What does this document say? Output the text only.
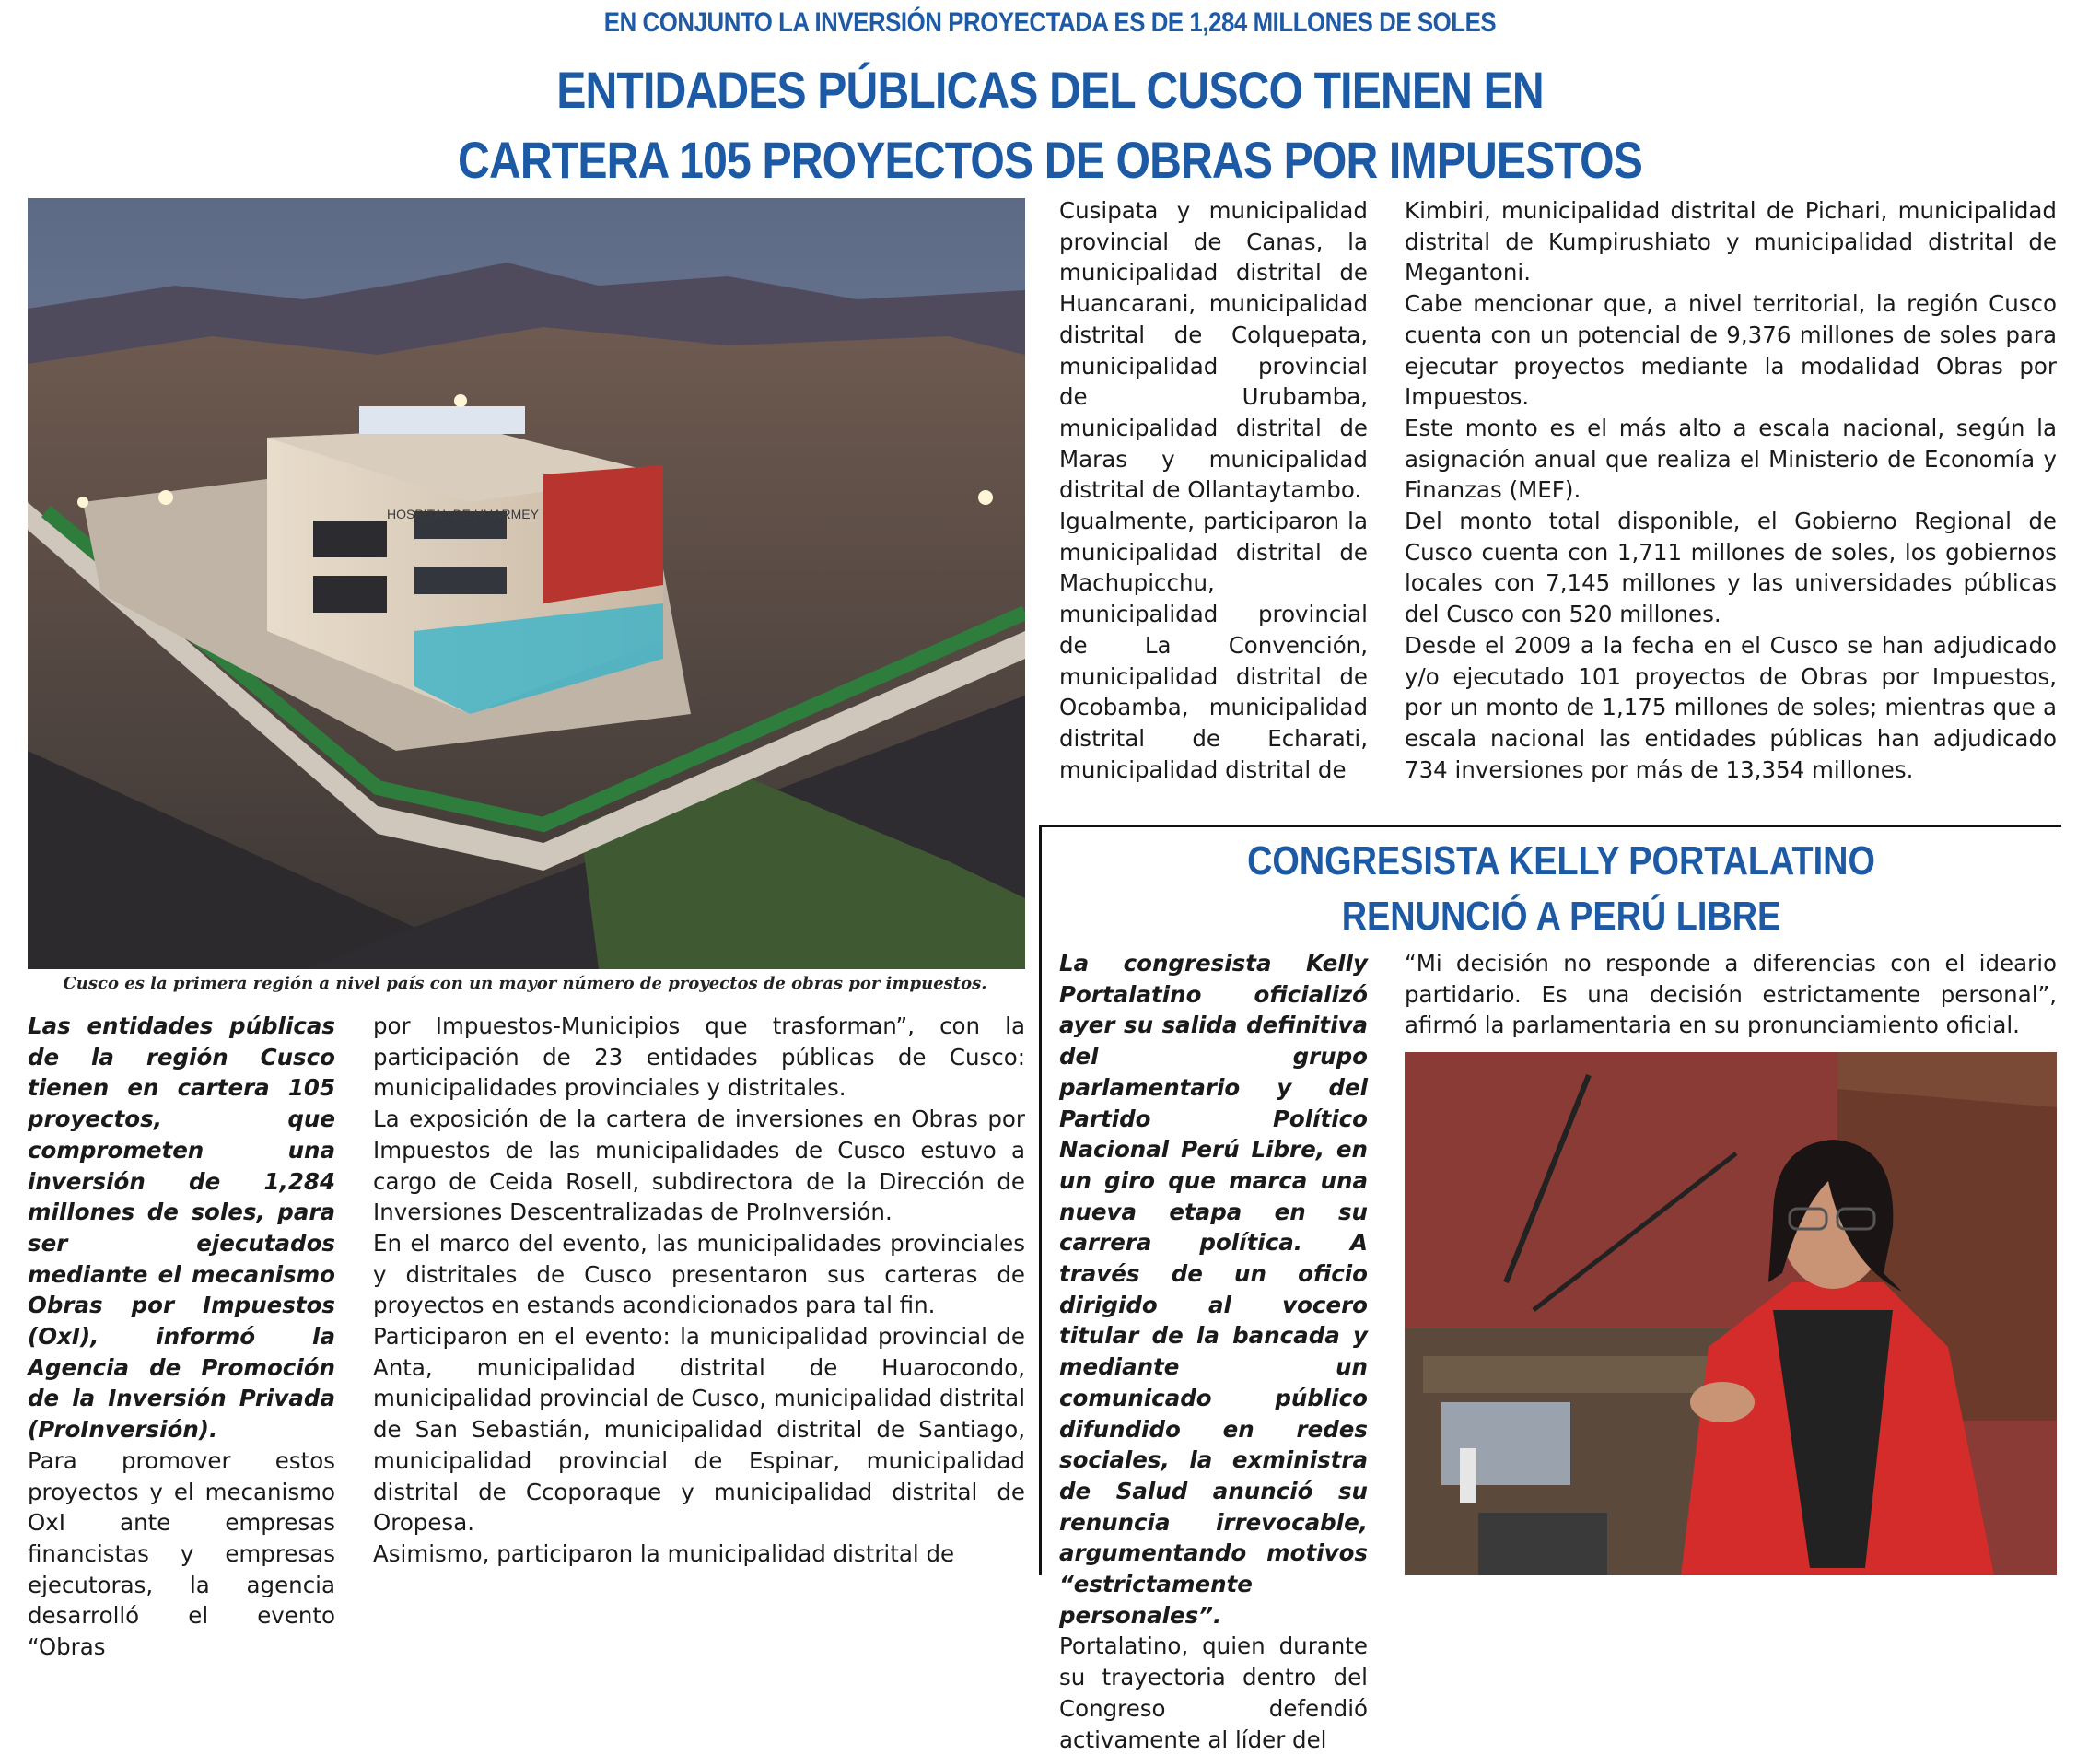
EN CONJUNTO LA INVERSIÓN PROYECTADA ES DE 1,284 MILLONES DE SOLES
ENTIDADES PÚBLICAS DEL CUSCO TIENEN EN
CARTERA 105 PROYECTOS DE OBRAS POR IMPUESTOS
HOSPITAL DE HUARMEY
Cusco es la primera región a nivel país con un mayor número de proyectos de obras por impuestos.

Las entidades públicas de la región Cusco tienen en cartera 105 proyectos, que comprometen una inversión de 1,284 millones de soles, para ser ejecutados mediante el mecanismo Obras por Impuestos (OxI), informó la Agencia de Promoción de la Inversión Privada (ProInversión).

Para promover estos proyectos y el mecanismo OxI ante empresas financistas y empresas ejecutoras, la agencia desarrolló el evento “Obras

por Impuestos-Municipios que trasforman”, con la participación de 23 entidades públicas de Cusco: municipalidades provinciales y distritales.

La exposición de la cartera de inversiones en Obras por Impuestos de las municipalidades de Cusco estuvo a cargo de Ceida Rosell, subdirectora de la Dirección de Inversiones Descentralizadas de ProInversión.

En el marco del evento, las municipalidades provinciales y distritales de Cusco presentaron sus carteras de proyectos en estands acondicionados para tal fin.

Participaron en el evento: la municipalidad provincial de Anta, municipalidad distrital de Huarocondo, municipalidad provincial de Cusco, municipalidad distrital de San Sebastián, municipalidad distrital de Santiago, municipalidad provincial de Espinar, municipalidad distrital de Ccoporaque y municipalidad distrital de Oropesa.

Asimismo, participaron la municipalidad distrital de

Cusipata y municipalidad provincial de Canas, la municipalidad distrital de Huancarani, municipalidad distrital de Colquepata, municipalidad provincial de Urubamba, municipalidad distrital de Maras y municipalidad distrital de Ollantaytambo.

Igualmente, participaron la municipalidad distrital de Machupicchu, municipalidad provincial de La Convención, municipalidad distrital de Ocobamba, municipalidad distrital de Echarati, municipalidad distrital de

Kimbiri, municipalidad distrital de Pichari, municipalidad distrital de Kumpirushiato y municipalidad distrital de Megantoni.

Cabe mencionar que, a nivel territorial, la región Cusco cuenta con un potencial de 9,376 millones de soles para ejecutar proyectos mediante la modalidad Obras por Impuestos.

Este monto es el más alto a escala nacional, según la asignación anual que realiza el Ministerio de Economía y Finanzas (MEF).

Del monto total disponible, el Gobierno Regional de Cusco cuenta con 1,711 millones de soles, los gobiernos locales con 7,145 millones y las universidades públicas del Cusco con 520 millones.

Desde el 2009 a la fecha en el Cusco se han adjudicado y/o ejecutado 101 proyectos de Obras por Impuestos, por un monto de 1,175 millones de soles; mientras que a escala nacional las entidades públicas han adjudicado 734 inversiones por más de 13,354 millones.

CONGRESISTA KELLY PORTALATINO
RENUNCIÓ A PERÚ LIBRE

La congresista Kelly Portalatino oficializó ayer su salida definitiva del grupo parlamentario y del Partido Político Nacional Perú Libre, en un giro que marca una nueva etapa en su carrera política. A través de un oficio dirigido al vocero titular de la bancada y mediante un comunicado público difundido en redes sociales, la exministra de Salud anunció su renuncia irrevocable, argumentando motivos “estrictamente personales”.

Portalatino, quien durante su trayectoria dentro del Congreso defendió activamente al líder del

“Mi decisión no responde a diferencias con el ideario partidario. Es una decisión estrictamente personal”, afirmó la parlamentaria en su pronunciamiento oficial.
